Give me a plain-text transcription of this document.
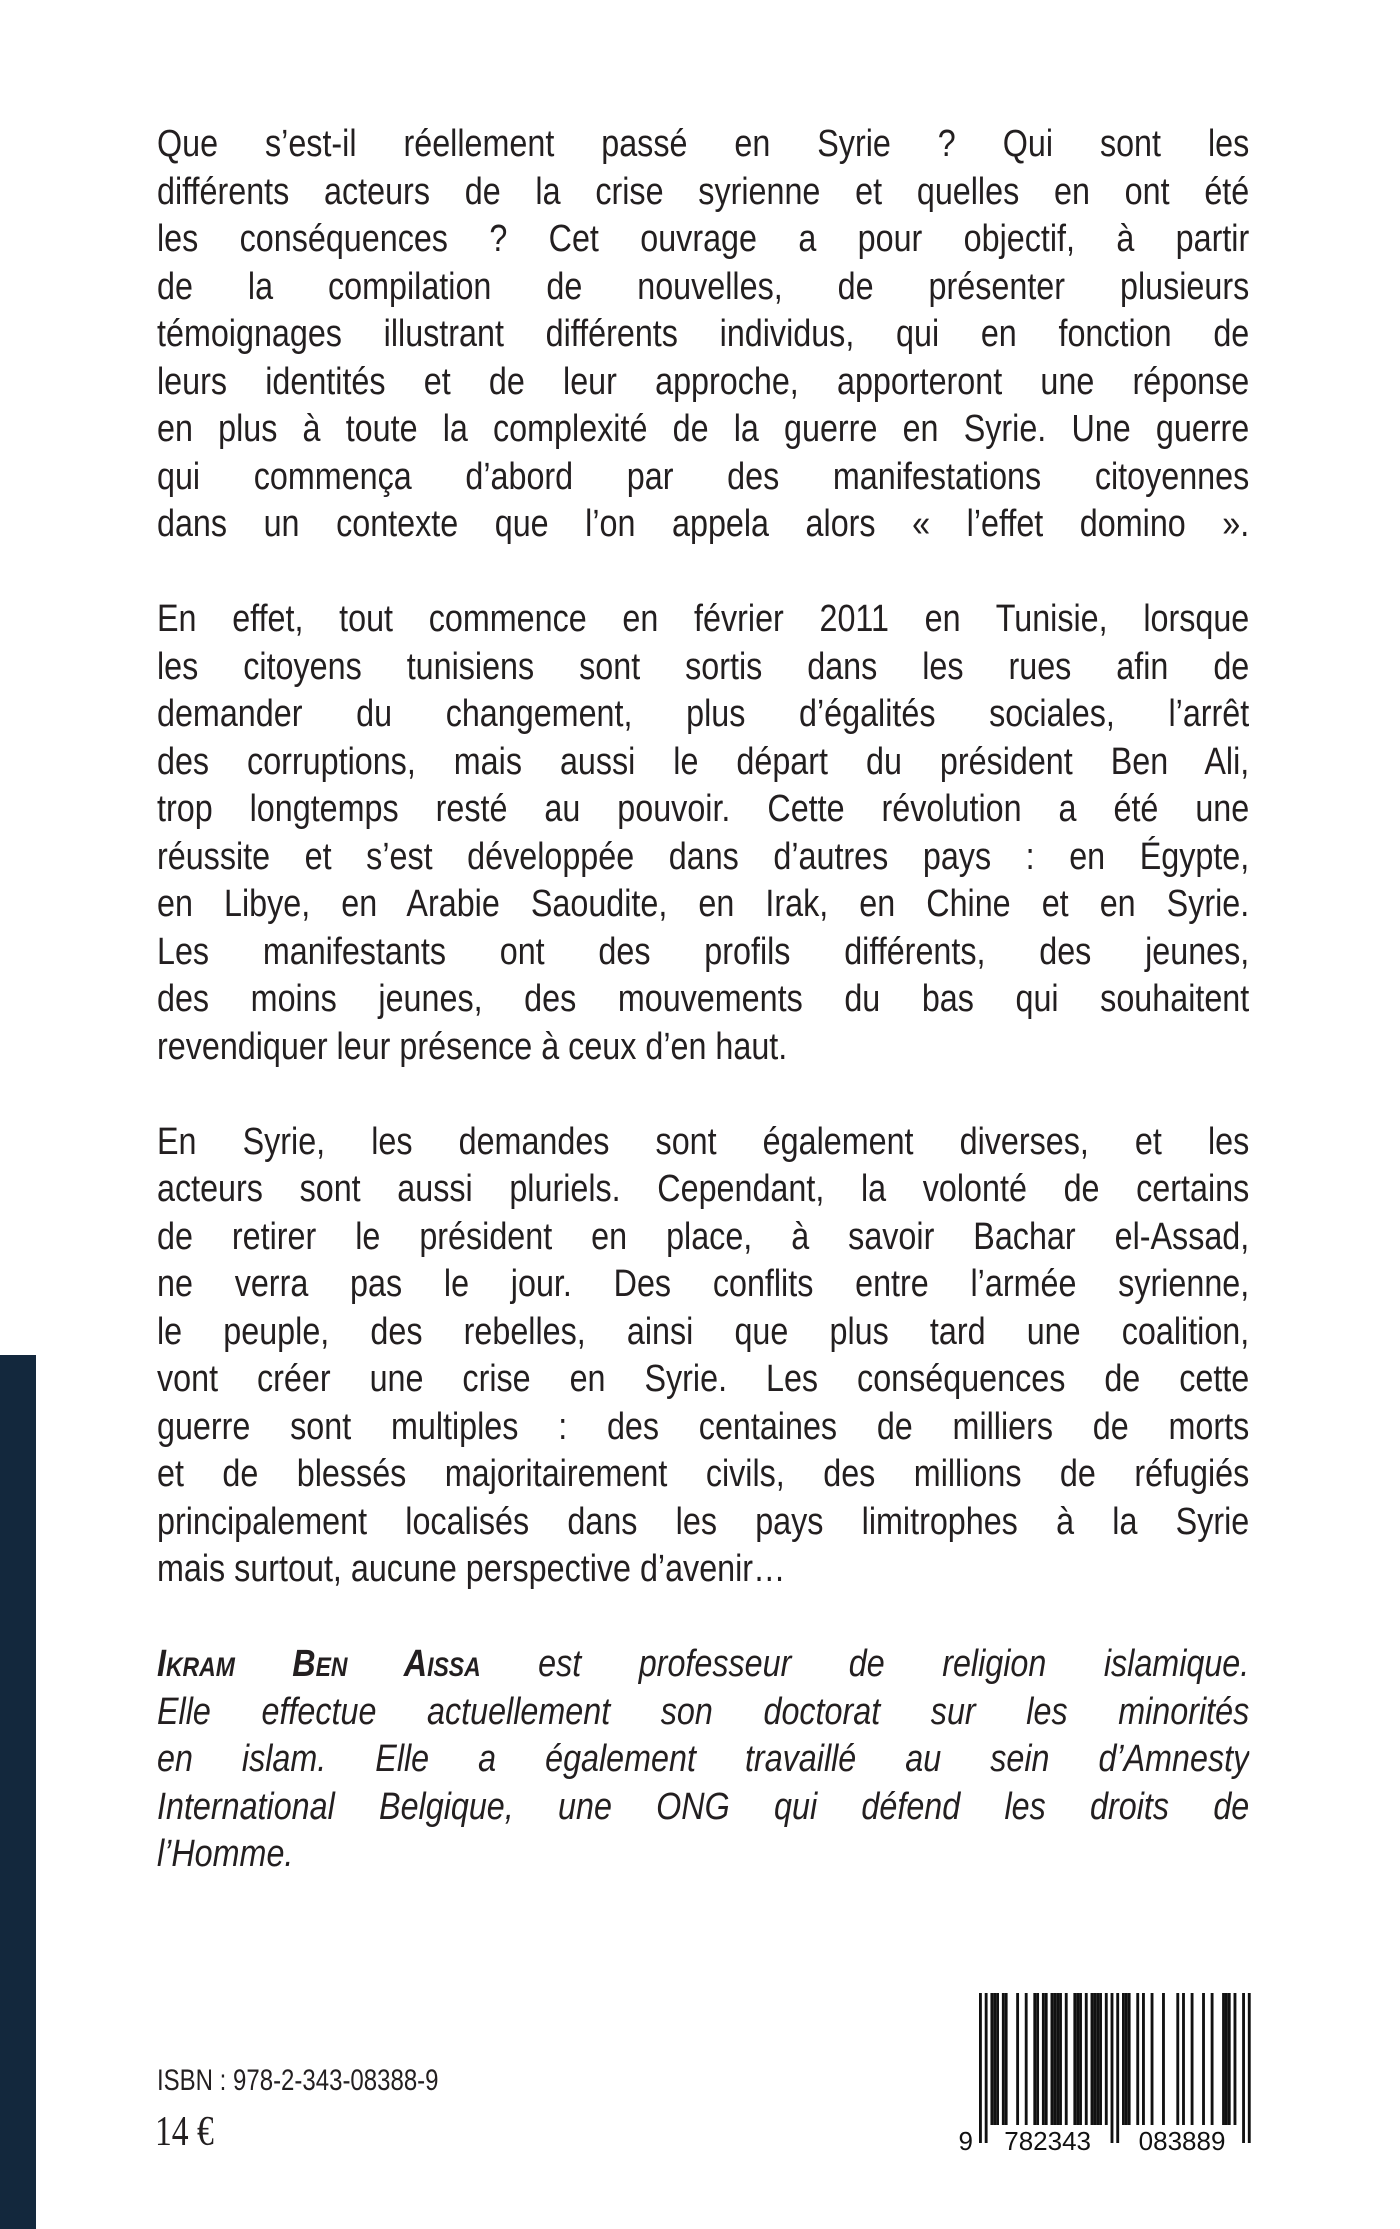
Que s’est-il réellement passé en Syrie ? Qui sont les
différents acteurs de la crise syrienne et quelles en ont été
les conséquences ? Cet ouvrage a pour objectif, à partir
de la compilation de nouvelles, de présenter plusieurs
témoignages illustrant différents individus, qui en fonction de
leurs identités et de leur approche, apporteront une réponse
en plus à toute la complexité de la guerre en Syrie. Une guerre
qui commença d’abord par des manifestations citoyennes
dans un contexte que l’on appela alors « l’effet domino ».
En effet, tout commence en février 2011 en Tunisie, lorsque
les citoyens tunisiens sont sortis dans les rues afin de
demander du changement, plus d’égalités sociales, l’arrêt
des corruptions, mais aussi le départ du président Ben Ali,
trop longtemps resté au pouvoir. Cette révolution a été une
réussite et s’est développée dans d’autres pays : en Égypte,
en Libye, en Arabie Saoudite, en Irak, en Chine et en Syrie.
Les manifestants ont des profils différents, des jeunes,
des moins jeunes, des mouvements du bas qui souhaitent
revendiquer leur présence à ceux d’en haut.
En Syrie, les demandes sont également diverses, et les
acteurs sont aussi pluriels. Cependant, la volonté de certains
de retirer le président en place, à savoir Bachar el-Assad,
ne verra pas le jour. Des conflits entre l’armée syrienne,
le peuple, des rebelles, ainsi que plus tard une coalition,
vont créer une crise en Syrie. Les conséquences de cette
guerre sont multiples : des centaines de milliers de morts
et de blessés majoritairement civils, des millions de réfugiés
principalement localisés dans les pays limitrophes à la Syrie
mais surtout, aucune perspective d’avenir…
Ikram Ben Aissa est professeur de religion islamique.
Elle effectue actuellement son doctorat sur les minorités
en islam. Elle a également travaillé au sein d’Amnesty
International Belgique, une ONG qui défend les droits de
l’Homme.
ISBN : 978-2-343-08388-9
14 €	9 782343 083889
